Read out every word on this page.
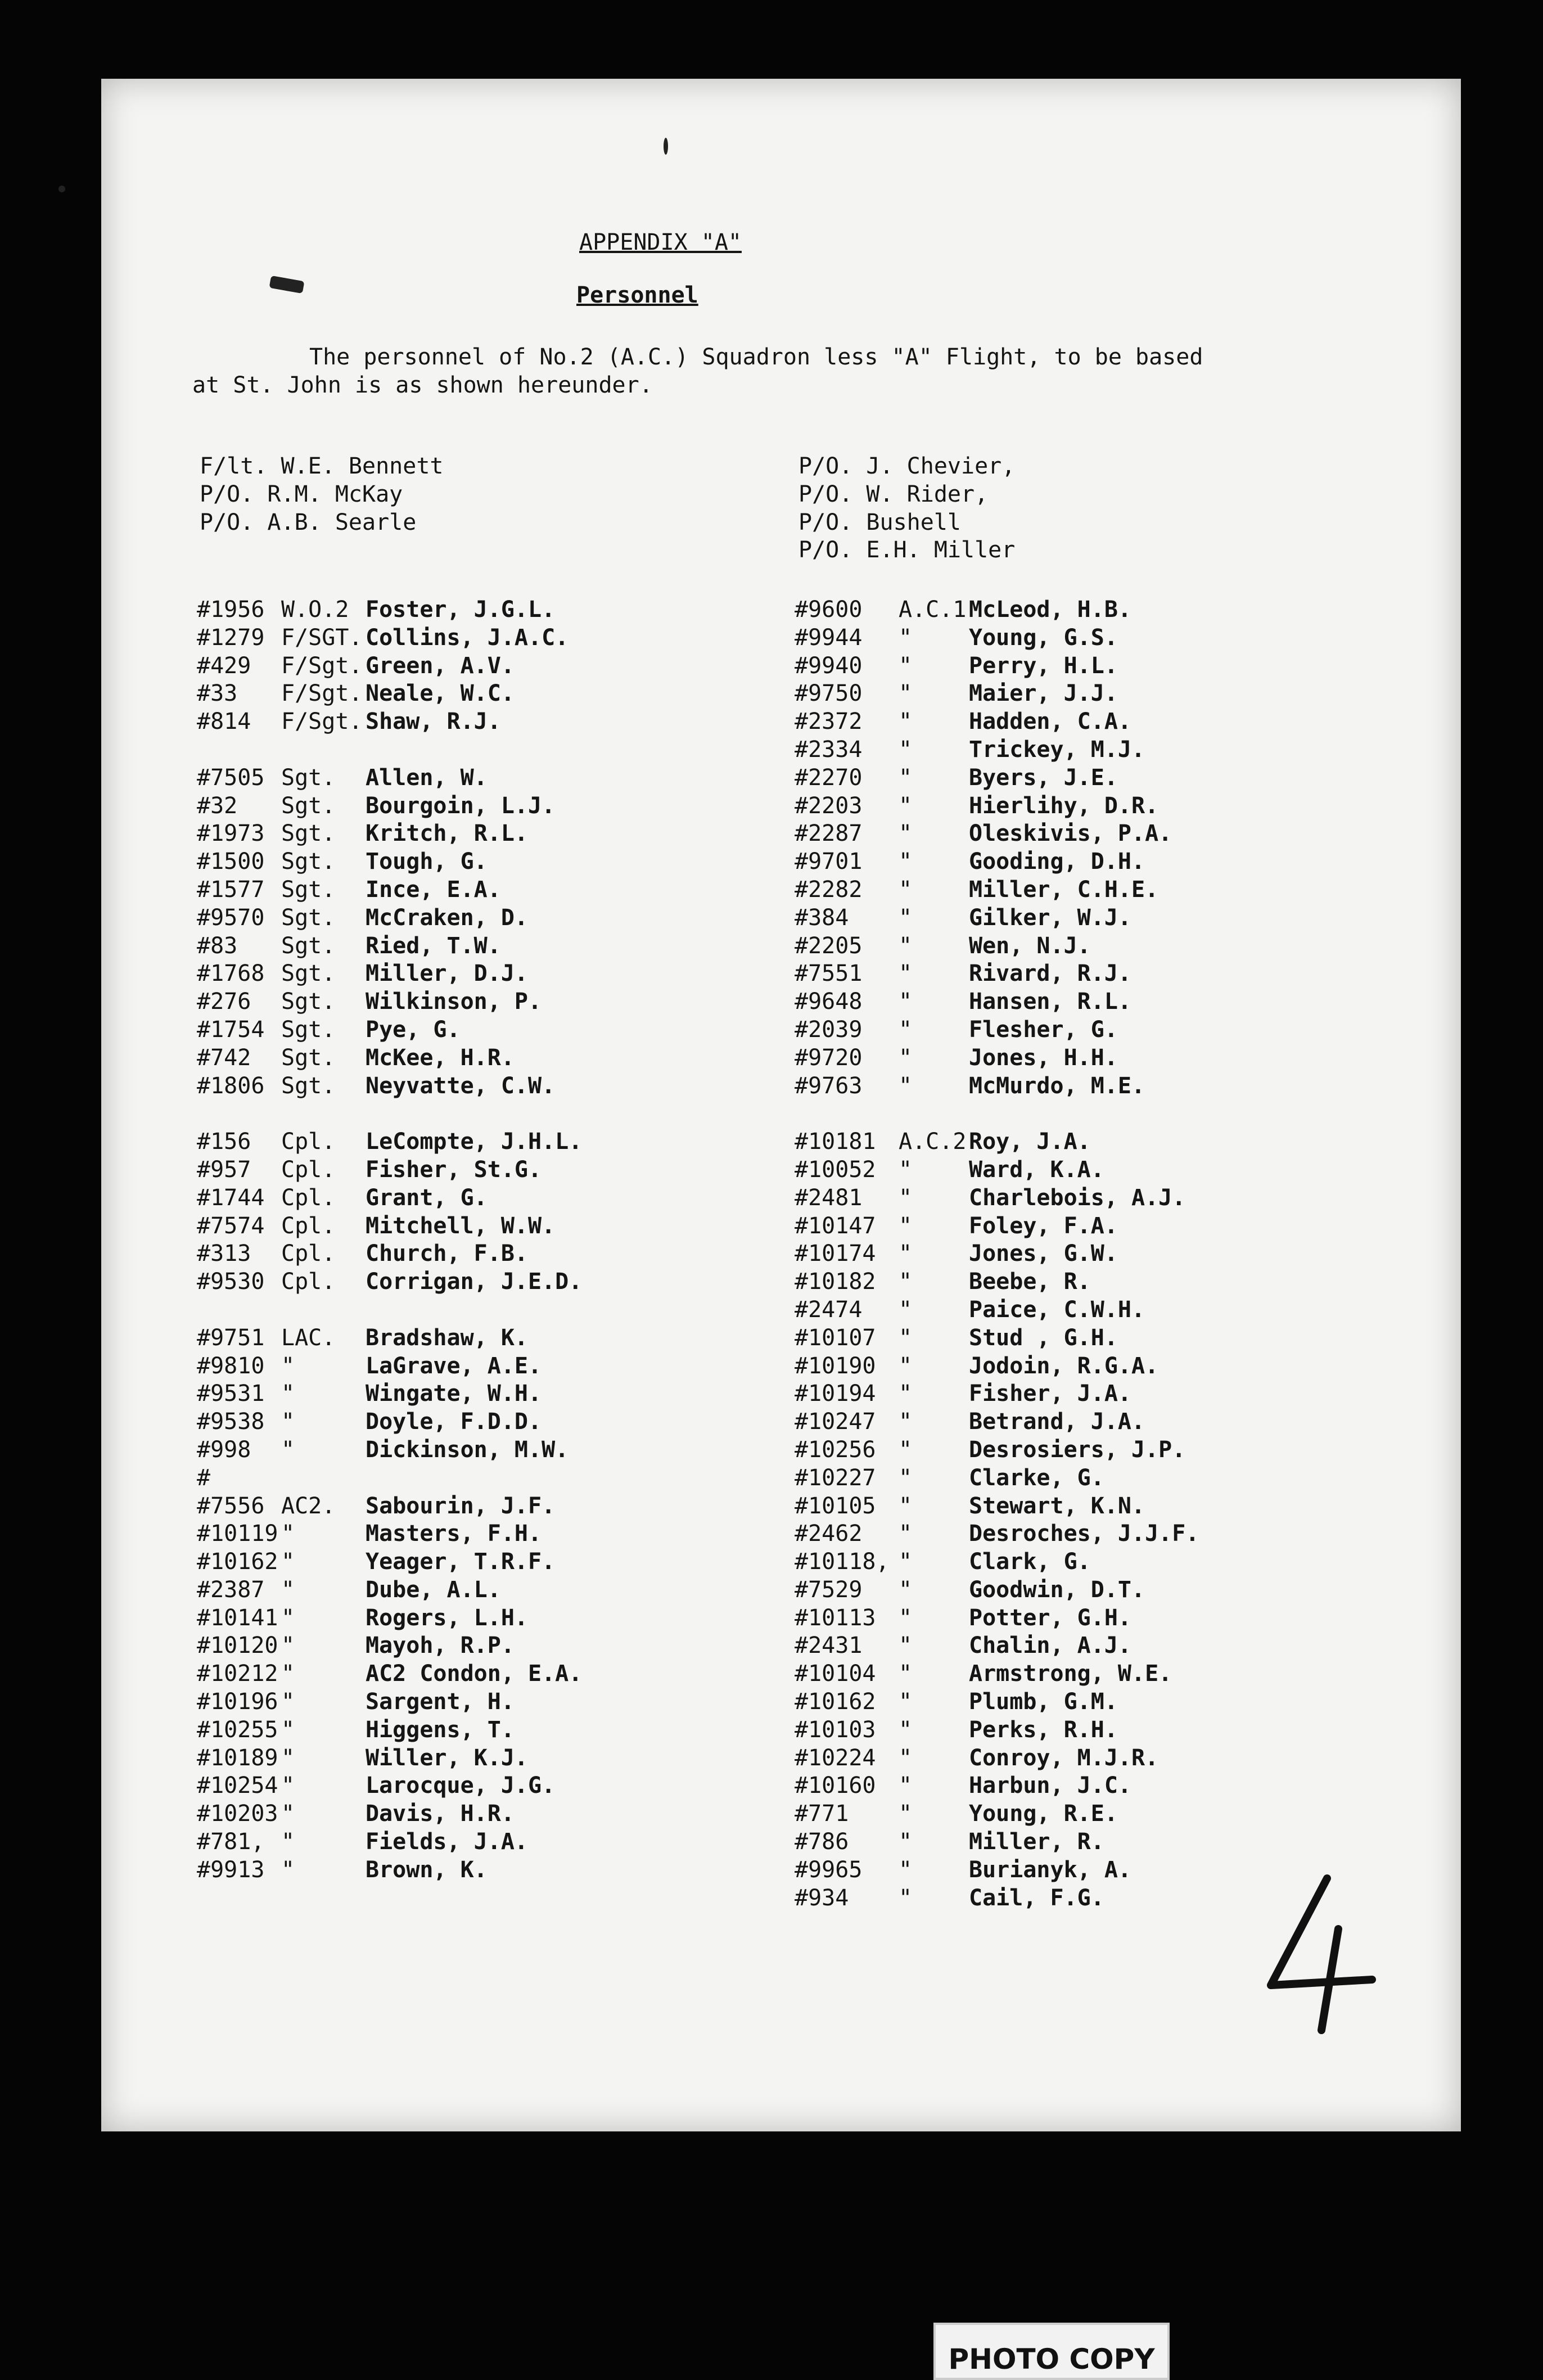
APPENDIX "A"
Personnel
The personnel of No.2 (A.C.) Squadron less "A" Flight, to be based
at St. John is as shown hereunder.
F/lt. W.E. Bennett
P/O. R.M. McKay
P/O. A.B. Searle
P/O. J. Chevier,
P/O. W. Rider,
P/O. Bushell
P/O. E.H. Miller
#1956 W.O.2 Foster, J.G.L.
#1279 F/SGT. Collins, J.A.C.
#429	F/Sgt. Green, A.V.
#33	F/Sgt. Neale, W.C.
#814	F/Sgt. Shaw, R.J.
#7505 Sgt.	Allen, W.
#32	Sgt.	Bourgoin, L.J.
#1973 Sgt.	Kritch, R.L.
#1500 Sgt.	Tough, G.
#1577 Sgt.	Ince, E.A.
#9570 Sgt.	McCraken, D.
#83	Sgt.	Ried, T.W.
#1768 Sgt.	Miller, D.J.
#276	Sgt.	Wilkinson, P.
#1754 Sgt.	Pye, G.
#742	Sgt.	McKee, H.R.
#1806 Sgt.	Neyvatte, C.W.
#156	Cpl.	LeCompte, J.H.L.
#957	Cpl.	Fisher, St.G.
#1744 Cpl.	Grant, G.
#7574 Cpl.	Mitchell, W.W.
#313	Cpl.	Church, F.B.
#9530 Cpl.	Corrigan, J.E.D.
#9751 LAC.	Bradshaw, K.
#9810 "	LaGrave, A.E.
#9531 "	Wingate, W.H.
#9538 "	Doyle, F.D.D.
#998	"	Dickinson, M.W.
#
#7556 AC2.	Sabourin, J.F.
#10119 "	Masters, F.H.
#10162 "	Yeager, T.R.F.
#2387 "	Dube, A.L.
#10141 "	Rogers, L.H.
#10120 "	Mayoh, R.P.
#10212 "	AC2 Condon, E.A.
#10196 "	Sargent, H.
#10255 "	Higgens, T.
#10189 "	Willer, K.J.
#10254 "	Larocque, J.G.
#10203 "	Davis, H.R.
#781, "	Fields, J.A.
#9913 "	Brown, K.
#9600	A.C.1 McLeod, H.B.
#9944	"	Young, G.S.
#9940	"	Perry, H.L.
#9750	"	Maier, J.J.
#2372	"	Hadden, C.A.
#2334	"	Trickey, M.J.
#2270	"	Byers, J.E.
#2203	"	Hierlihy, D.R.
#2287	"	Oleskivis, P.A.
#9701	"	Gooding, D.H.
#2282	"	Miller, C.H.E.
#384	"	Gilker, W.J.
#2205	"	Wen, N.J.
#7551	"	Rivard, R.J.
#9648	"	Hansen, R.L.
#2039	"	Flesher, G.
#9720	"	Jones, H.H.
#9763	"	McMurdo, M.E.
#10181	A.C.2 Roy, J.A.
#10052	"	Ward, K.A.
#2481	"	Charlebois, A.J.
#10147	"	Foley, F.A.
#10174	"	Jones, G.W.
#10182	"	Beebe, R.
#2474	"	Paice, C.W.H.
#10107	"	Stud , G.H.
#10190	"	Jodoin, R.G.A.
#10194	"	Fisher, J.A.
#10247	"	Betrand, J.A.
#10256	"	Desrosiers, J.P.
#10227	"	Clarke, G.
#10105	"	Stewart, K.N.
#2462	"	Desroches, J.J.F.
#10118, "	Clark, G.
#7529	"	Goodwin, D.T.
#10113	"	Potter, G.H.
#2431	"	Chalin, A.J.
#10104	"	Armstrong, W.E.
#10162	"	Plumb, G.M.
#10103	"	Perks, R.H.
#10224	"	Conroy, M.J.R.
#10160	"	Harbun, J.C.
#771	"	Young, R.E.
#786	"	Miller, R.
#9965	"	Burianyk, A.
#934	"	Cail, F.G.
PHOTO COPY
